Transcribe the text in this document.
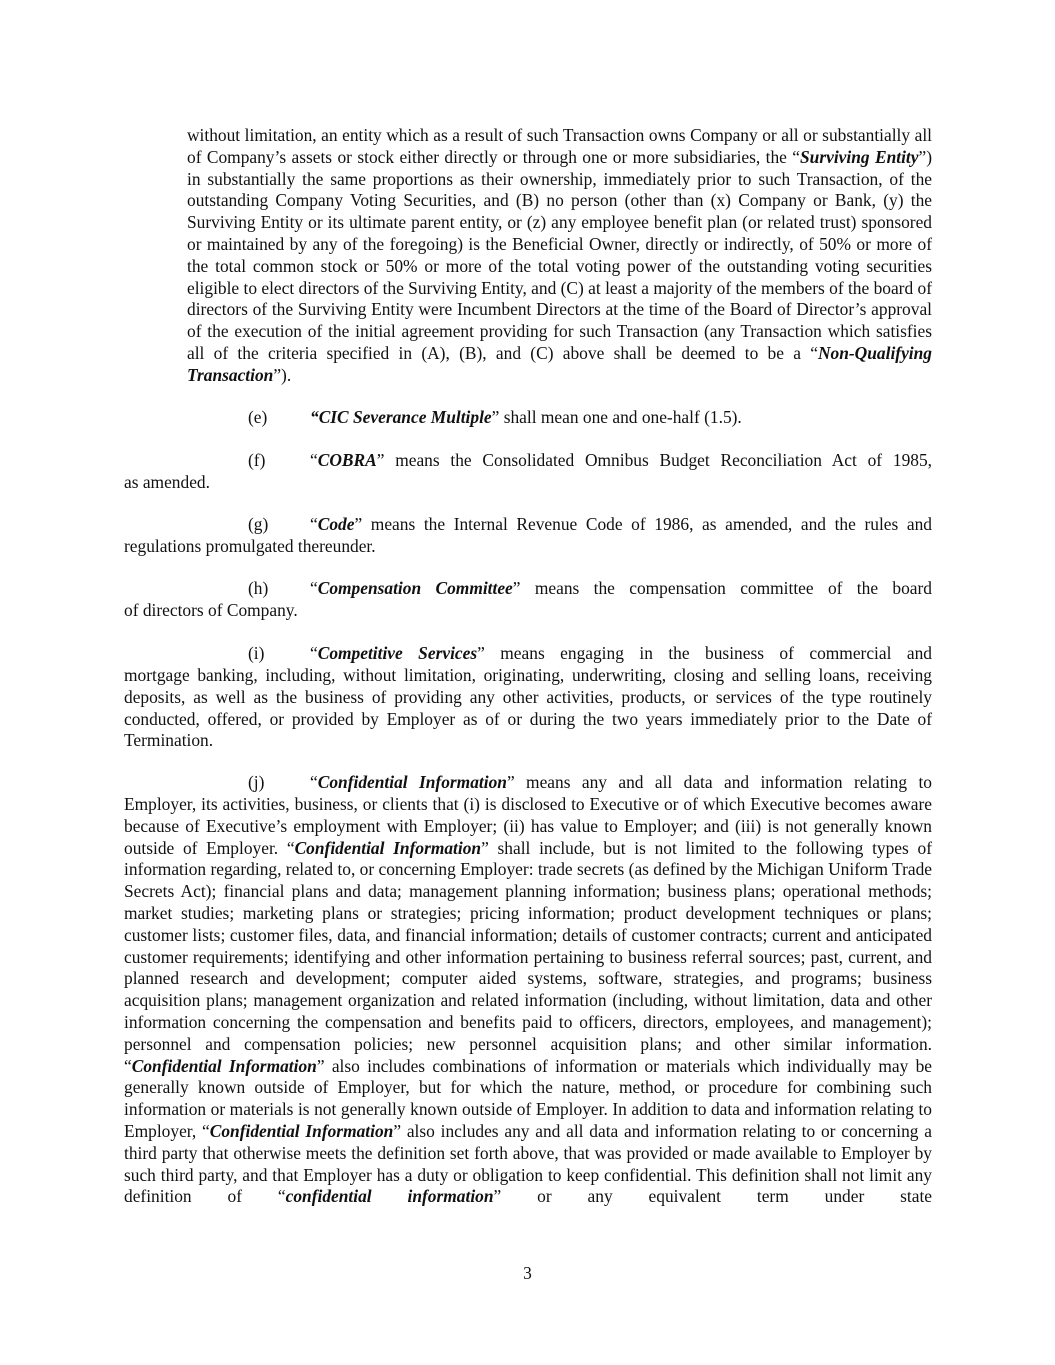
without limitation, an entity which as a result of such Transaction owns Company or all or substantially all of Company’s assets or stock either directly or through one or more subsidiaries, the “Surviving Entity”) in substantially the same proportions as their ownership, immediately prior to such Transaction, of the outstanding Company Voting Securities, and (B) no person (other than (x) Company or Bank, (y) the Surviving Entity or its ultimate parent entity, or (z) any employee benefit plan (or related trust) sponsored or maintained by any of the foregoing) is the Beneficial Owner, directly or indirectly, of 50% or more of the total common stock or 50% or more of the total voting power of the outstanding voting securities eligible to elect directors of the Surviving Entity, and (C) at least a majority of the members of the board of directors of the Surviving Entity were Incumbent Directors at the time of the Board of Director’s approval of the execution of the initial agreement providing for such Transaction (any Transaction which satisfies all of the criteria specified in (A), (B), and (C) above shall be deemed to be a “Non-Qualifying Transaction”).
(e) “CIC Severance Multiple” shall mean one and one-half (1.5).
(f)	“COBRA” means the Consolidated Omnibus Budget Reconciliation Act of 1985,
as amended.
(g) “Code” means the Internal Revenue Code of 1986, as amended, and the rules and
regulations promulgated thereunder.
(h) “Compensation Committee” means the compensation committee of the board
of directors of Company.
(i)	“Competitive Services” means engaging in the business of commercial and
mortgage banking, including, without limitation, originating, underwriting, closing and selling loans, receiving deposits, as well as the business of providing any other activities, products, or services of the type routinely conducted, offered, or provided by Employer as of or during the two years immediately prior to the Date of Termination.
(j)	“Confidential Information” means any and all data and information relating to
Employer, its activities, business, or clients that (i) is disclosed to Executive or of which Executive becomes aware because of Executive’s employment with Employer; (ii) has value to Employer; and (iii) is not generally known outside of Employer. “Confidential Information” shall include, but is not limited to the following types of information regarding, related to, or concerning Employer: trade secrets (as defined by the Michigan Uniform Trade Secrets Act); financial plans and data; management planning information; business plans; operational methods; market studies; marketing plans or strategies; pricing information; product development techniques or plans; customer lists; customer files, data, and financial information; details of customer contracts; current and anticipated customer requirements; identifying and other information pertaining to business referral sources; past, current, and planned research and development; computer aided systems, software, strategies, and programs; business acquisition plans; management organization and related information (including, without limitation, data and other information concerning the compensation and benefits paid to officers, directors, employees, and management); personnel and compensation policies; new personnel acquisition plans; and other similar information. “Confidential Information” also includes combinations of information or materials which individually may be generally known outside of Employer, but for which the nature, method, or procedure for combining such information or materials is not generally known outside of Employer. In addition to data and information relating to Employer, “Confidential Information” also includes any and all data and information relating to or concerning a third party that otherwise meets the definition set forth above, that was provided or made available to Employer by such third party, and that Employer has a duty or obligation to keep confidential. This definition shall not limit any definition of “confidential information” or any equivalent term under state
3
